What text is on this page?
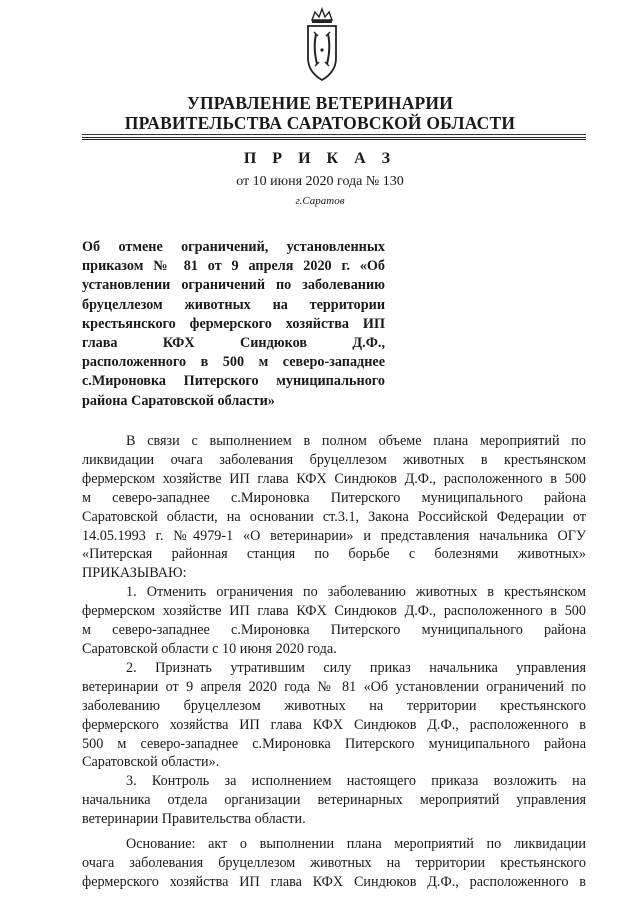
УПРАВЛЕНИЕ ВЕТЕРИНАРИИ
ПРАВИТЕЛЬСТВА САРАТОВСКОЙ ОБЛАСТИ
П Р И К А З
от 10 июня 2020 года № 130
г.Саратов
Об отмене ограничений, установленных
приказом № 81 от 9 апреля 2020 г. «Об
установлении ограничений по заболеванию
бруцеллезом животных на территории
крестьянского фермерского хозяйства ИП
глава КФХ Синдюков Д.Ф.,
расположенного в 500 м северо-западнее
с.Мироновка Питерского муниципального
района Саратовской области»
В связи с выполнением в полном объеме плана мероприятий по
ликвидации очага заболевания бруцеллезом животных в крестьянском
фермерском хозяйстве ИП глава КФХ Синдюков Д.Ф., расположенного в 500
м северо-западнее с.Мироновка Питерского муниципального района
Саратовской области, на основании ст.3.1, Закона Российской Федерации от
14.05.1993 г. №4979-1 «О ветеринарии» и представления начальника ОГУ
«Питерская районная станция по борьбе с болезнями животных»
ПРИКАЗЫВАЮ:
1. Отменить ограничения по заболеванию животных в крестьянском
фермерском хозяйстве ИП глава КФХ Синдюков Д.Ф., расположенного в 500
м северо-западнее с.Мироновка Питерского муниципального района
Саратовской области с 10 июня 2020 года.
2. Признать утратившим силу приказ начальника управления
ветеринарии от 9 апреля 2020 года № 81 «Об установлении ограничений по
заболеванию бруцеллезом животных на территории крестьянского
фермерского хозяйства ИП глава КФХ Синдюков Д.Ф., расположенного в
500 м северо-западнее с.Мироновка Питерского муниципального района
Саратовской области».
3. Контроль за исполнением настоящего приказа возложить на
начальника отдела организации ветеринарных мероприятий управления
ветеринарии Правительства области.
Основание: акт о выполнении плана мероприятий по ликвидации
очага заболевания бруцеллезом животных на территории крестьянского
фермерского хозяйства ИП глава КФХ Синдюков Д.Ф., расположенного в
